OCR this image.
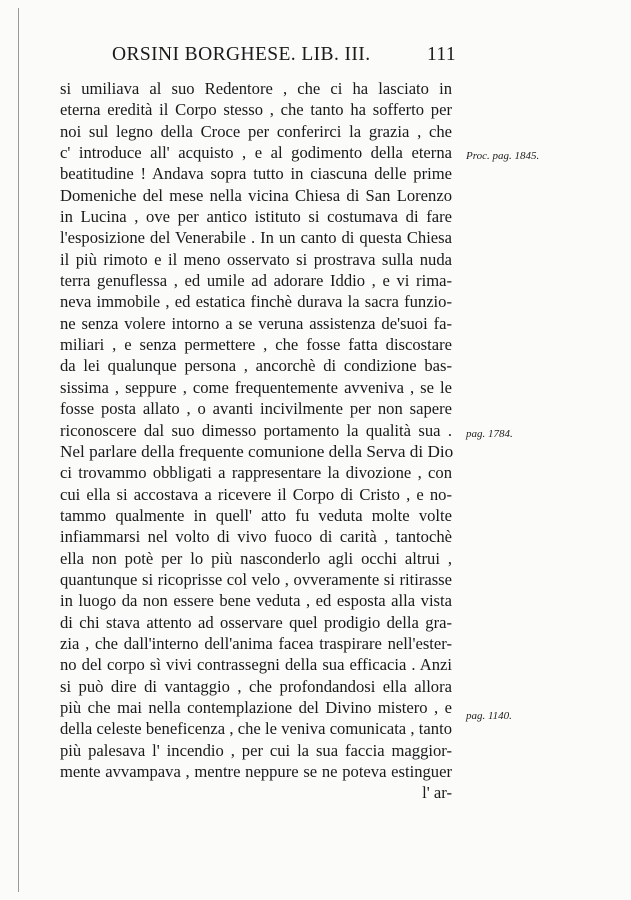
ORSINI BORGHESE. LIB. III.	111
si umiliava al suo Redentore , che ci ha lasciato in
eterna eredità il Corpo stesso , che tanto ha sofferto per
noi sul legno della Croce per conferirci la grazia , che
c' introduce all' acquisto , e al godimento della eterna
beatitudine ! Andava sopra tutto in ciascuna delle prime
Domeniche del mese nella vicina Chiesa di San Lorenzo
in Lucina , ove per antico istituto si costumava di fare
l'esposizione del Venerabile . In un canto di questa Chiesa
il più rimoto e il meno osservato si prostrava sulla nuda
terra genuflessa , ed umile ad adorare Iddio , e vi rima-
neva immobile , ed estatica finchè durava la sacra funzio-
ne senza volere intorno a se veruna assistenza de'suoi fa-
miliari , e senza permettere , che fosse fatta discostare
da lei qualunque persona , ancorchè di condizione bas-
sissima , seppure , come frequentemente avveniva , se le
fosse posta allato , o avanti incivilmente per non sapere
riconoscere dal suo dimesso portamento la qualità sua .
Nel parlare della frequente comunione della Serva di Dio
ci trovammo obbligati a rappresentare la divozione , con
cui ella si accostava a ricevere il Corpo di Cristo , e no-
tammo qualmente in quell' atto fu veduta molte volte
infiammarsi nel volto di vivo fuoco di carità , tantochè
ella non potè per lo più nasconderlo agli occhi altrui ,
quantunque si ricoprisse col velo , ovveramente si ritirasse
in luogo da non essere bene veduta , ed esposta alla vista
di chi stava attento ad osservare quel prodigio della gra-
zia , che dall'interno dell'anima facea traspirare nell'ester-
no del corpo sì vivi contrassegni della sua efficacia . Anzi
si può dire di vantaggio , che profondandosi ella allora
più che mai nella contemplazione del Divino mistero , e
della celeste beneficenza , che le veniva comunicata , tanto
più palesava l' incendio , per cui la sua faccia maggior-
mente avvampava , mentre neppure se ne poteva estinguer
l' ar-
Proc. pag. 1845.
pag. 1784.
pag. 1140.
